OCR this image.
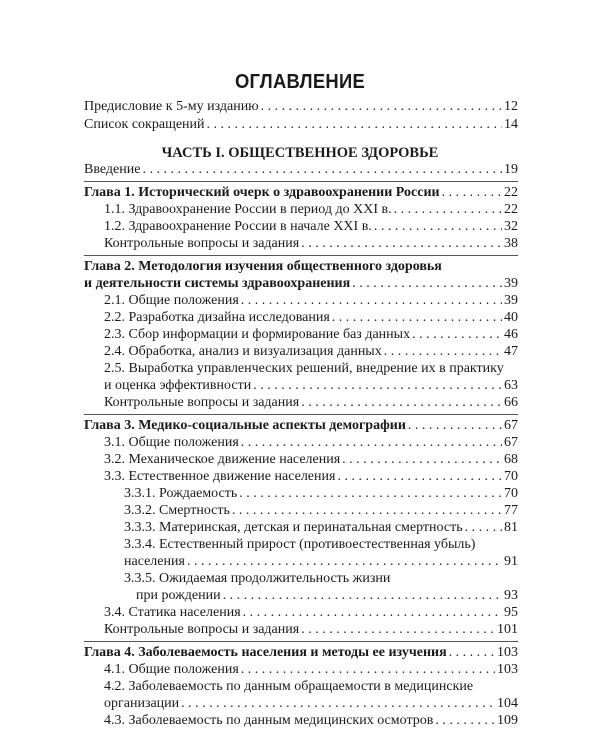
ОГЛАВЛЕНИЕ
Предисловие к 5-му изданию . . .	12
Список сокращений . . .	14
ЧАСТЬ I. ОБЩЕСТВЕННОЕ ЗДОРОВЬЕ
Введение . . .	19
Глава 1. Исторический очерк о здравоохранении России . . .	22
1.1. Здравоохранение России в период до XXI в. . . .	22
1.2. Здравоохранение России в начале XXI в. . . .	32
Контрольные вопросы и задания . . .	38
Глава 2. Методология изучения общественного здоровья
и деятельности системы здравоохранения . . .	39
2.1. Общие положения . . .	39
2.2. Разработка дизайна исследования . . .	40
2.3. Сбор информации и формирование баз данных . . .	46
2.4. Обработка, анализ и визуализация данных . . .	47
2.5. Выработка управленческих решений, внедрение их в практику
и оценка эффективности . . .	63
Контрольные вопросы и задания . . .	66
Глава 3. Медико-социальные аспекты демографии . . .	67
3.1. Общие положения . . .	67
3.2. Механическое движение населения . . .	68
3.3. Естественное движение населения . . .	70
3.3.1. Рождаемость . . .	70
3.3.2. Смертность . . .	77
3.3.3. Материнская, детская и перинатальная смертность . . .	81
3.3.4. Естественный прирост (противоестественная убыль)
населения . . .	91
3.3.5. Ожидаемая продолжительность жизни
при рождении . . .	93
3.4. Статика населения . . .	95
Контрольные вопросы и задания . . .	101
Глава 4. Заболеваемость населения и методы ее изучения . . .	103
4.1. Общие положения . . .	103
4.2. Заболеваемость по данным обращаемости в медицинские
организации . . .	104
4.3. Заболеваемость по данным медицинских осмотров . . .	109
